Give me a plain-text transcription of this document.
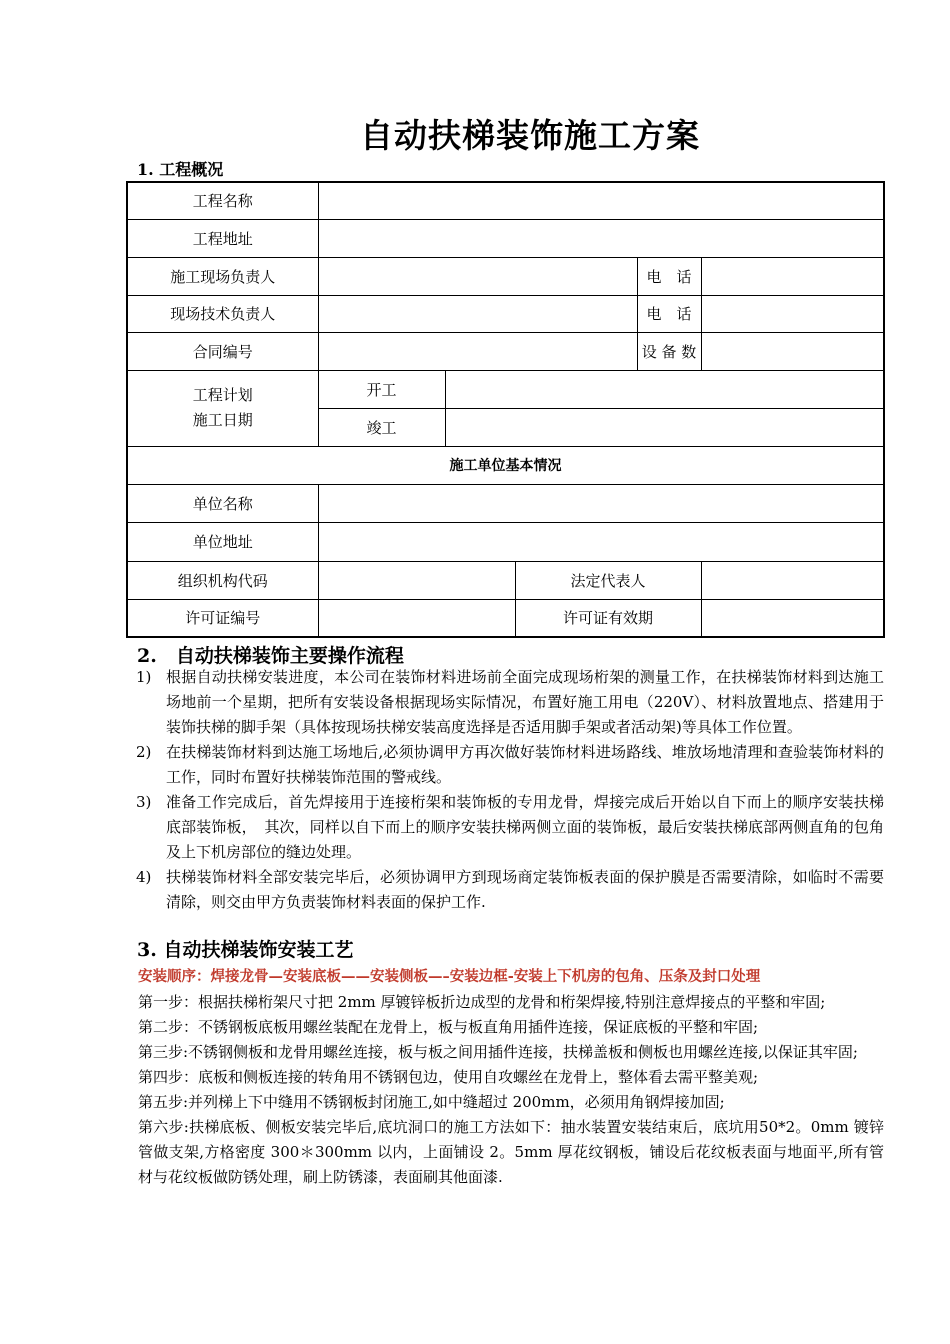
自动扶梯装饰施工方案
1. 工程概况
工程名称					
工程地址					
施工现场负责人				电　话	
现场技术负责人				电　话	
合同编号				设 备 数	
工程计划
施工日期	开工				
	竣工				
施工单位基本情况					
单位名称					
单位地址					
组织机构代码			法定代表人		
许可证编号			许可证有效期		
2.　自动扶梯装饰主要操作流程
1) 根据自动扶梯安装进度，本公司在装饰材料进场前全面完成现场桁架的测量工作，在扶梯装饰材料到达施工场地前一个星期，把所有安装设备根据现场实际情况，布置好施工用电（220V）、材料放置地点、搭建用于装饰扶梯的脚手架（具体按现场扶梯安装高度选择是否适用脚手架或者活动架)等具体工作位置。
2) 在扶梯装饰材料到达施工场地后,必须协调甲方再次做好装饰材料进场路线、堆放场地清理和查验装饰材料的工作，同时布置好扶梯装饰范围的警戒线。
3) 准备工作完成后，首先焊接用于连接桁架和装饰板的专用龙骨，焊接完成后开始以自下而上的顺序安装扶梯底部装饰板，　其次，同样以自下而上的顺序安装扶梯两侧立面的装饰板，最后安装扶梯底部两侧直角的包角及上下机房部位的缝边处理。
4) 扶梯装饰材料全部安装完毕后，必须协调甲方到现场商定装饰板表面的保护膜是否需要清除，如临时不需要清除，则交由甲方负责装饰材料表面的保护工作.
3. 自动扶梯装饰安装工艺
安装顺序：焊接龙骨—安装底板——安装侧板—–安装边框-安装上下机房的包角、压条及封口处理

第一步：根据扶梯桁架尺寸把 2mm 厚镀锌板折边成型的龙骨和桁架焊接,特别注意焊接点的平整和牢固;

第二步：不锈钢板底板用螺丝装配在龙骨上，板与板直角用插件连接，保证底板的平整和牢固;

第三步:不锈钢侧板和龙骨用螺丝连接，板与板之间用插件连接，扶梯盖板和侧板也用螺丝连接,以保证其牢固;

第四步：底板和侧板连接的转角用不锈钢包边，使用自攻螺丝在龙骨上，整体看去需平整美观;

第五步:并列梯上下中缝用不锈钢板封闭施工,如中缝超过 200mm，必须用角钢焊接加固;

第六步:扶梯底板、侧板安装完毕后,底坑洞口的施工方法如下：抽水装置安装结束后，底坑用50*2。0mm 镀锌管做支架,方格密度 300＊300mm 以内，上面铺设 2。5mm 厚花纹钢板，铺设后花纹板表面与地面平,所有管材与花纹板做防锈处理，刷上防锈漆，表面刷其他面漆.
